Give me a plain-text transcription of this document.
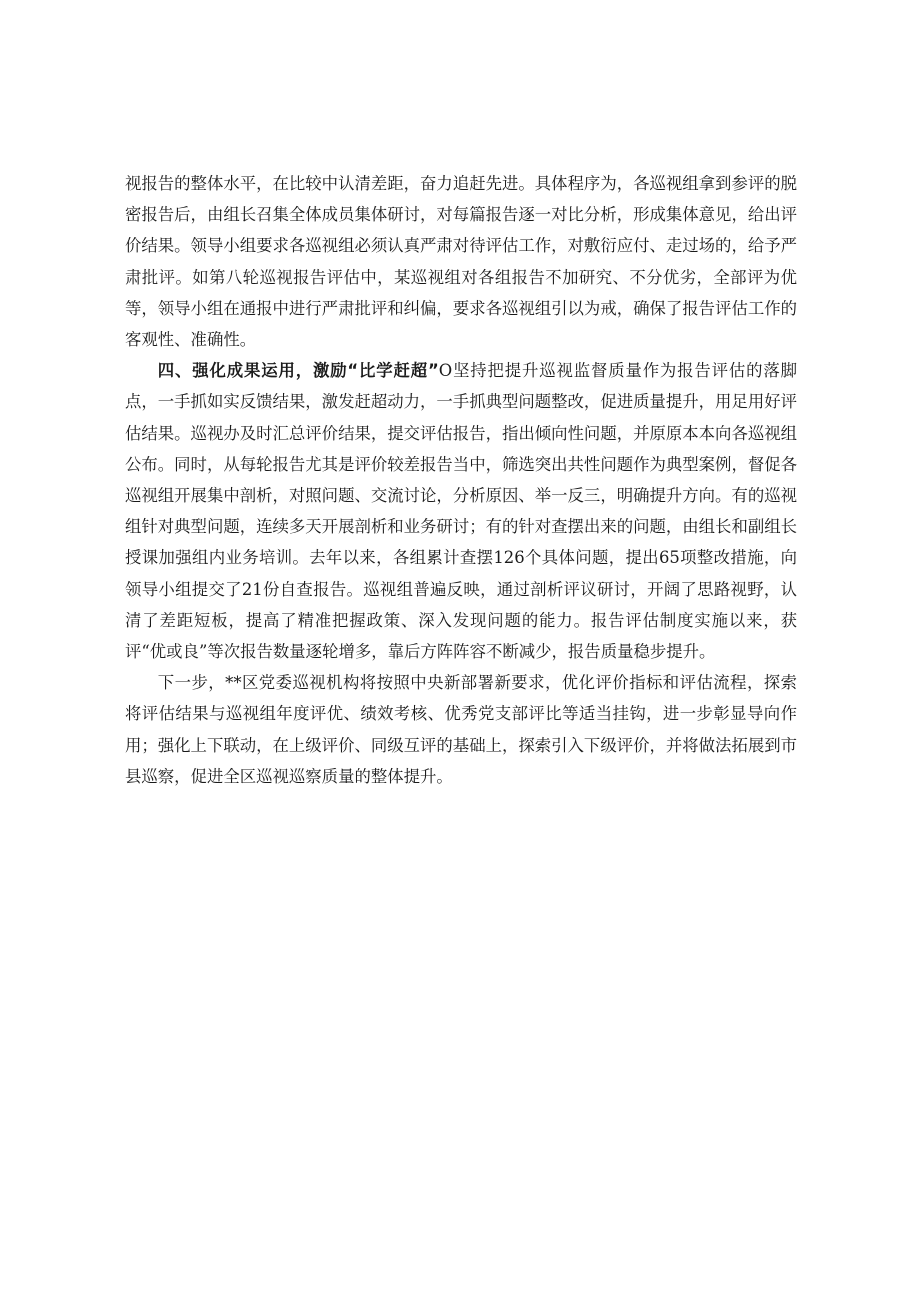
视报告的整体水平，在比较中认清差距，奋力追赶先进。具体程序为，各巡视组拿到参评的脱密报告后，由组长召集全体成员集体研讨，对每篇报告逐一对比分析，形成集体意见，给出评价结果。领导小组要求各巡视组必须认真严肃对待评估工作，对敷衍应付、走过场的，给予严肃批评。如第八轮巡视报告评估中，某巡视组对各组报告不加研究、不分优劣，全部评为优等，领导小组在通报中进行严肃批评和纠偏，要求各巡视组引以为戒，确保了报告评估工作的客观性、准确性。

四、强化成果运用，激励“比学赶超”O坚持把提升巡视监督质量作为报告评估的落脚点，一手抓如实反馈结果，激发赶超动力，一手抓典型问题整改，促进质量提升，用足用好评估结果。巡视办及时汇总评价结果，提交评估报告，指出倾向性问题，并原原本本向各巡视组公布。同时，从每轮报告尤其是评价较差报告当中，筛选突出共性问题作为典型案例，督促各巡视组开展集中剖析，对照问题、交流讨论，分析原因、举一反三，明确提升方向。有的巡视组针对典型问题，连续多天开展剖析和业务研讨；有的针对查摆出来的问题，由组长和副组长授课加强组内业务培训。去年以来，各组累计查摆126个具体问题，提出65项整改措施，向领导小组提交了21份自查报告。巡视组普遍反映，通过剖析评议研讨，开阔了思路视野，认清了差距短板，提高了精准把握政策、深入发现问题的能力。报告评估制度实施以来，获评“优或良”等次报告数量逐轮增多，靠后方阵阵容不断减少，报告质量稳步提升。

下一步，**区党委巡视机构将按照中央新部署新要求，优化评价指标和评估流程，探索将评估结果与巡视组年度评优、绩效考核、优秀党支部评比等适当挂钩，进一步彰显导向作用；强化上下联动，在上级评价、同级互评的基础上，探索引入下级评价，并将做法拓展到市县巡察，促进全区巡视巡察质量的整体提升。
